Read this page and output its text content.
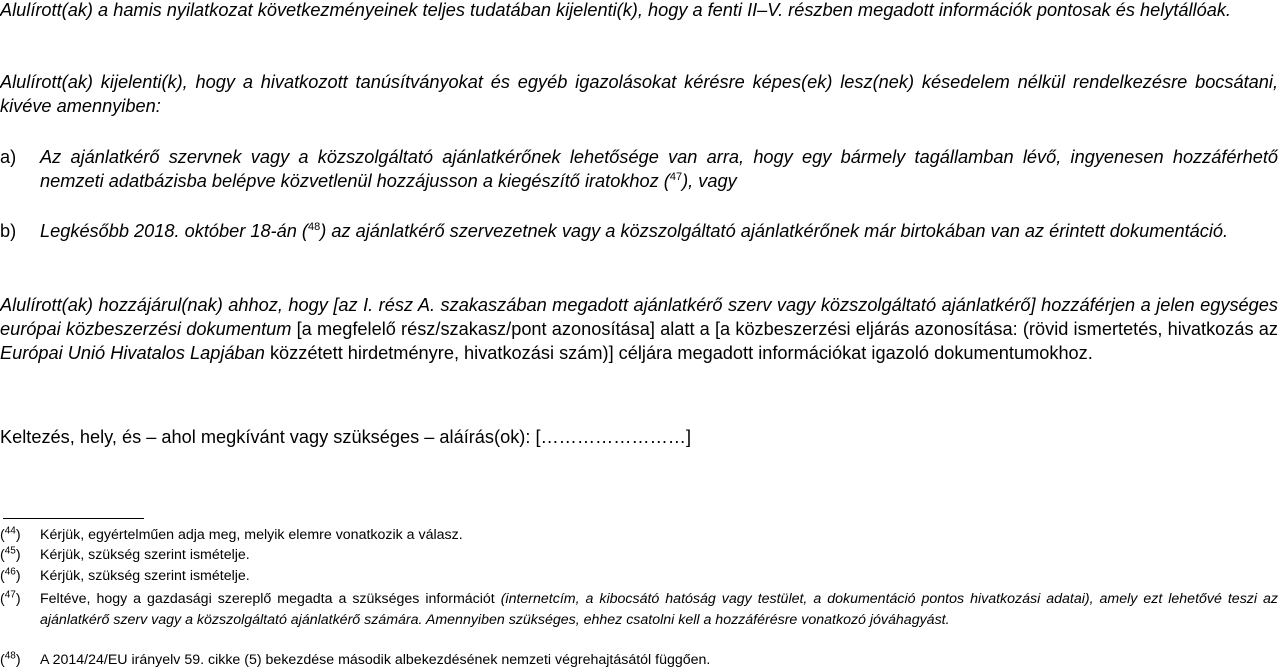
Alulírott(ak) a hamis nyilatkozat következményeinek teljes tudatában kijelenti(k), hogy a fenti II–V. részben megadott információk pontosak és helytállóak.
Alulírott(ak) kijelenti(k), hogy a hivatkozott tanúsítványokat és egyéb igazolásokat kérésre képes(ek) lesz(nek) késedelem nélkül rendelkezésre bocsátani, kivéve amennyiben:
a) Az ajánlatkérő szervnek vagy a közszolgáltató ajánlatkérőnek lehetősége van arra, hogy egy bármely tagállamban lévő, ingyenesen hozzáférhető nemzeti adatbázisba belépve közvetlenül hozzájusson a kiegészítő iratokhoz ($^{47}$), vagy
b) Legkésőbb 2018. október 18-án ($^{48}$) az ajánlatkérő szervezetnek vagy a közszolgáltató ajánlatkérőnek már birtokában van az érintett dokumentáció.
Alulírott(ak) hozzájárul(nak) ahhoz, hogy [az I. rész A. szakaszában megadott ajánlatkérő szerv vagy közszolgáltató ajánlatkérő] hozzáférjen a jelen egységes európai közbeszerzési dokumentum [a megfelelő rész/szakasz/pont azonosítása] alatt a [a közbeszerzési eljárás azonosítása: (rövid ismertetés, hivatkozás az Európai Unió Hivatalos Lapjában közzétett hirdetményre, hivatkozási szám)] céljára megadott információkat igazoló dokumentumokhoz.
Keltezés, hely, és – ahol megkívánt vagy szükséges – aláírás(ok): [……………………]
($^{44}$) Kérjük, egyértelműen adja meg, melyik elemre vonatkozik a válasz.
($^{45}$) Kérjük, szükség szerint ismételje.
($^{46}$) Kérjük, szükség szerint ismételje.
($^{47}$) Feltéve, hogy a gazdasági szereplő megadta a szükséges információt (internetcím, a kibocsátó hatóság vagy testület, a dokumentáció pontos hivatkozási adatai), amely ezt lehetővé teszi az ajánlatkérő szerv vagy a közszolgáltató ajánlatkérő számára. Amennyiben szükséges, ehhez csatolni kell a hozzáférésre vonatkozó jóváhagyást.
($^{48}$) A 2014/24/EU irányelv 59. cikke (5) bekezdése második albekezdésének nemzeti végrehajtásától függően.
